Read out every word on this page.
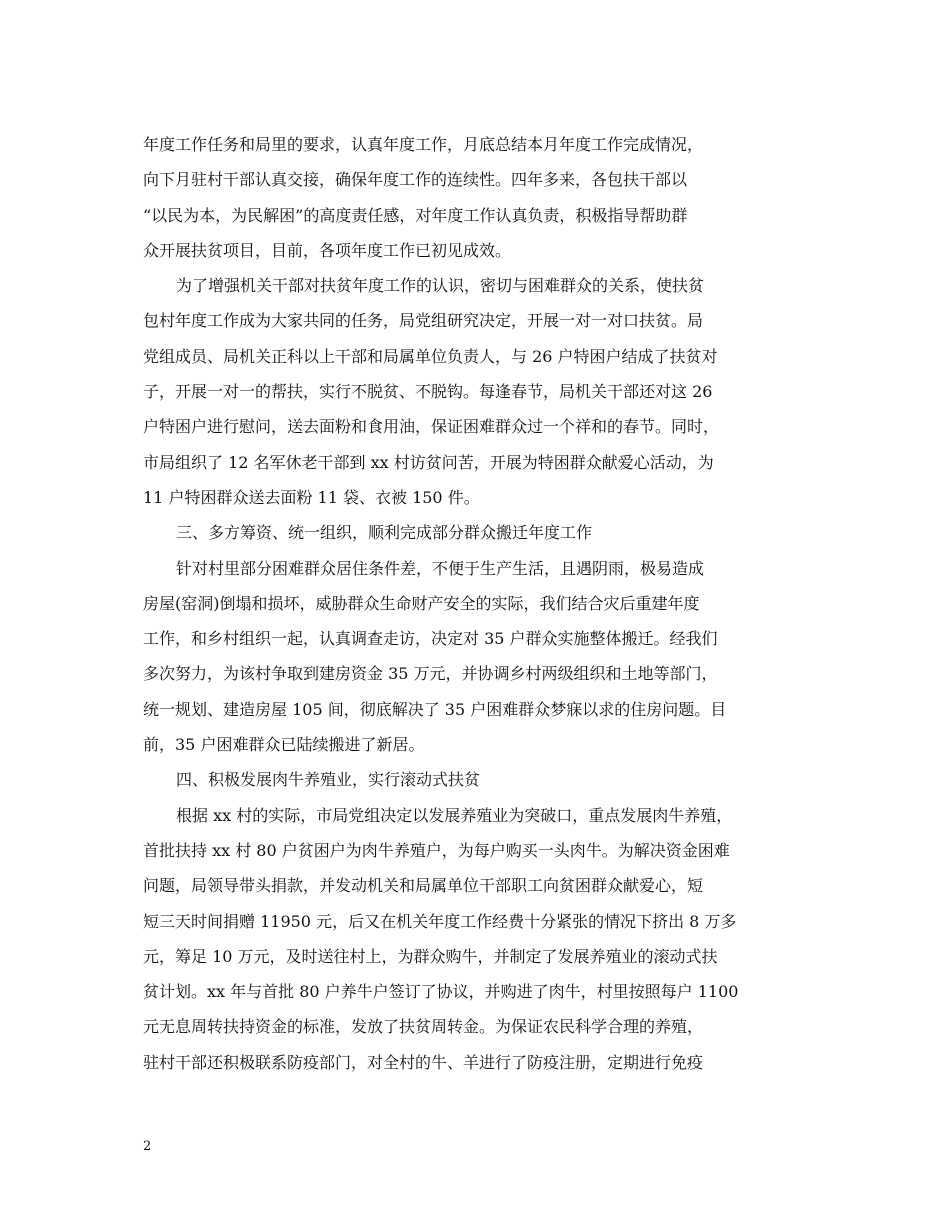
年度工作任务和局里的要求，认真年度工作，月底总结本月年度工作完成情况，
向下月驻村干部认真交接，确保年度工作的连续性。四年多来，各包扶干部以
“以民为本，为民解困”的高度责任感，对年度工作认真负责，积极指导帮助群
众开展扶贫项目，目前，各项年度工作已初见成效。
为了增强机关干部对扶贫年度工作的认识，密切与困难群众的关系，使扶贫
包村年度工作成为大家共同的任务，局党组研究决定，开展一对一对口扶贫。局
党组成员、局机关正科以上干部和局属单位负责人，与 26 户特困户结成了扶贫对
子，开展一对一的帮扶，实行不脱贫、不脱钩。每逢春节，局机关干部还对这 26
户特困户进行慰问，送去面粉和食用油，保证困难群众过一个祥和的春节。同时，
市局组织了 12 名军休老干部到 xx 村访贫问苦，开展为特困群众献爱心活动，为
11 户特困群众送去面粉 11 袋、衣被 150 件。
三、多方筹资、统一组织，顺利完成部分群众搬迁年度工作
针对村里部分困难群众居住条件差，不便于生产生活，且遇阴雨，极易造成
房屋(窑洞)倒塌和损坏，威胁群众生命财产安全的实际，我们结合灾后重建年度
工作，和乡村组织一起，认真调查走访，决定对 35 户群众实施整体搬迁。经我们
多次努力，为该村争取到建房资金 35 万元，并协调乡村两级组织和土地等部门，
统一规划、建造房屋 105 间，彻底解决了 35 户困难群众梦寐以求的住房问题。目
前，35 户困难群众已陆续搬进了新居。
四、积极发展肉牛养殖业，实行滚动式扶贫
根据 xx 村的实际，市局党组决定以发展养殖业为突破口，重点发展肉牛养殖，
首批扶持 xx 村 80 户贫困户为肉牛养殖户，为每户购买一头肉牛。为解决资金困难
问题，局领导带头捐款，并发动机关和局属单位干部职工向贫困群众献爱心，短
短三天时间捐赠 11950 元，后又在机关年度工作经费十分紧张的情况下挤出 8 万多
元，筹足 10 万元，及时送往村上，为群众购牛，并制定了发展养殖业的滚动式扶
贫计划。xx 年与首批 80 户养牛户签订了协议，并购进了肉牛，村里按照每户 1100
元无息周转扶持资金的标准，发放了扶贫周转金。为保证农民科学合理的养殖，
驻村干部还积极联系防疫部门，对全村的牛、羊进行了防疫注册，定期进行免疫
2
